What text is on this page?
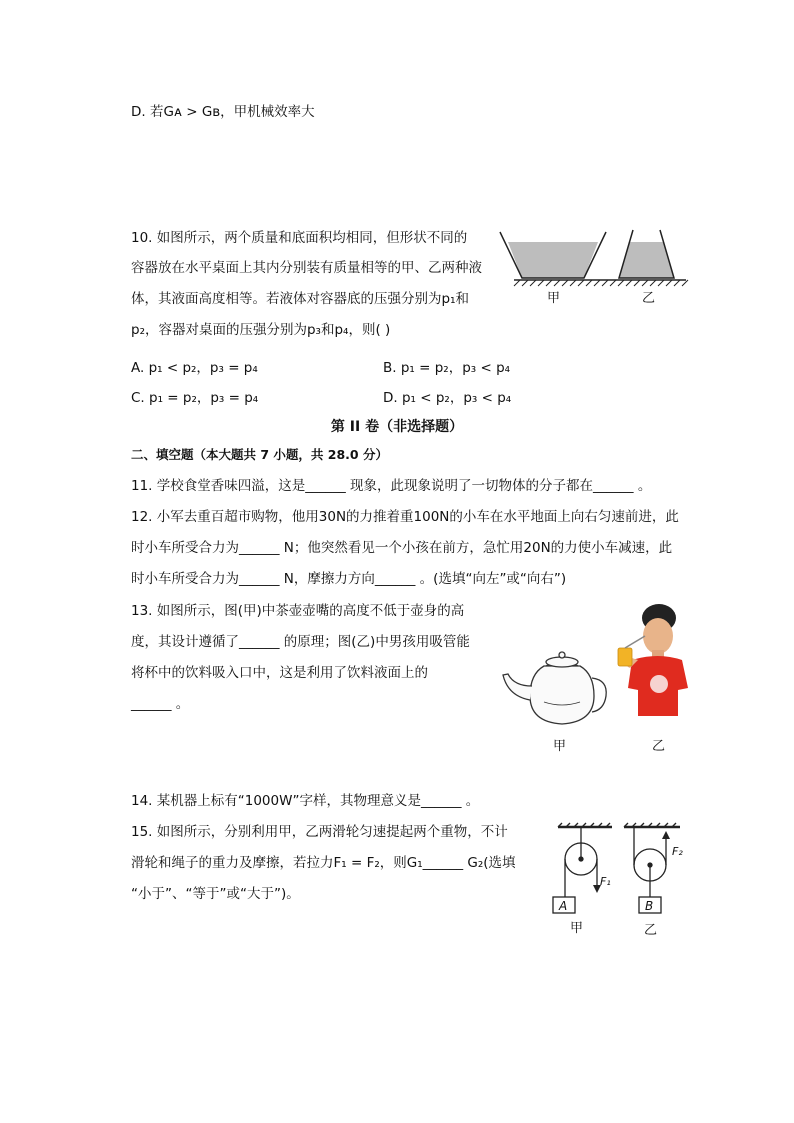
D. 若Gᴀ > Gʙ，甲机械效率大
10. 如图所示，两个质量和底面积均相同，但形状不同的
容器放在水平桌面上其内分别装有质量相等的甲、乙两种液
体，其液面高度相等。若液体对容器底的压强分别为p₁和
p₂，容器对桌面的压强分别为p₃和p₄，则( )
A. p₁ < p₂，p₃ = p₄	B. p₁ = p₂，p₃ < p₄
C. p₁ = p₂，p₃ = p₄	D. p₁ < p₂，p₃ < p₄
甲	乙
第 II 卷（非选择题）
二、填空题（本大题共 7 小题，共 28.0 分）
11. 学校食堂香味四溢，这是______ 现象，此现象说明了一切物体的分子都在______ 。
12. 小军去重百超市购物，他用30N的力推着重100N的小车在水平地面上向右匀速前进，此
时小车所受合力为______ N；他突然看见一个小孩在前方，急忙用20N的力使小车减速，此
时小车所受合力为______ N，摩擦力方向______ 。(选填“向左”或“向右”)
13. 如图所示，图(甲)中茶壶壶嘴的高度不低于壶身的高
度，其设计遵循了______ 的原理；图(乙)中男孩用吸管能
将杯中的饮料吸入口中，这是利用了饮料液面上的
______ 。
甲	乙
14. 某机器上标有“1000W”字样，其物理意义是______ 。
15. 如图所示，分别利用甲，乙两滑轮匀速提起两个重物，不计
滑轮和绳子的重力及摩擦，若拉力F₁ = F₂，则G₁______ G₂(选填
“小于”、“等于”或“大于”)。
A	B
F₁
F₂
甲	乙
